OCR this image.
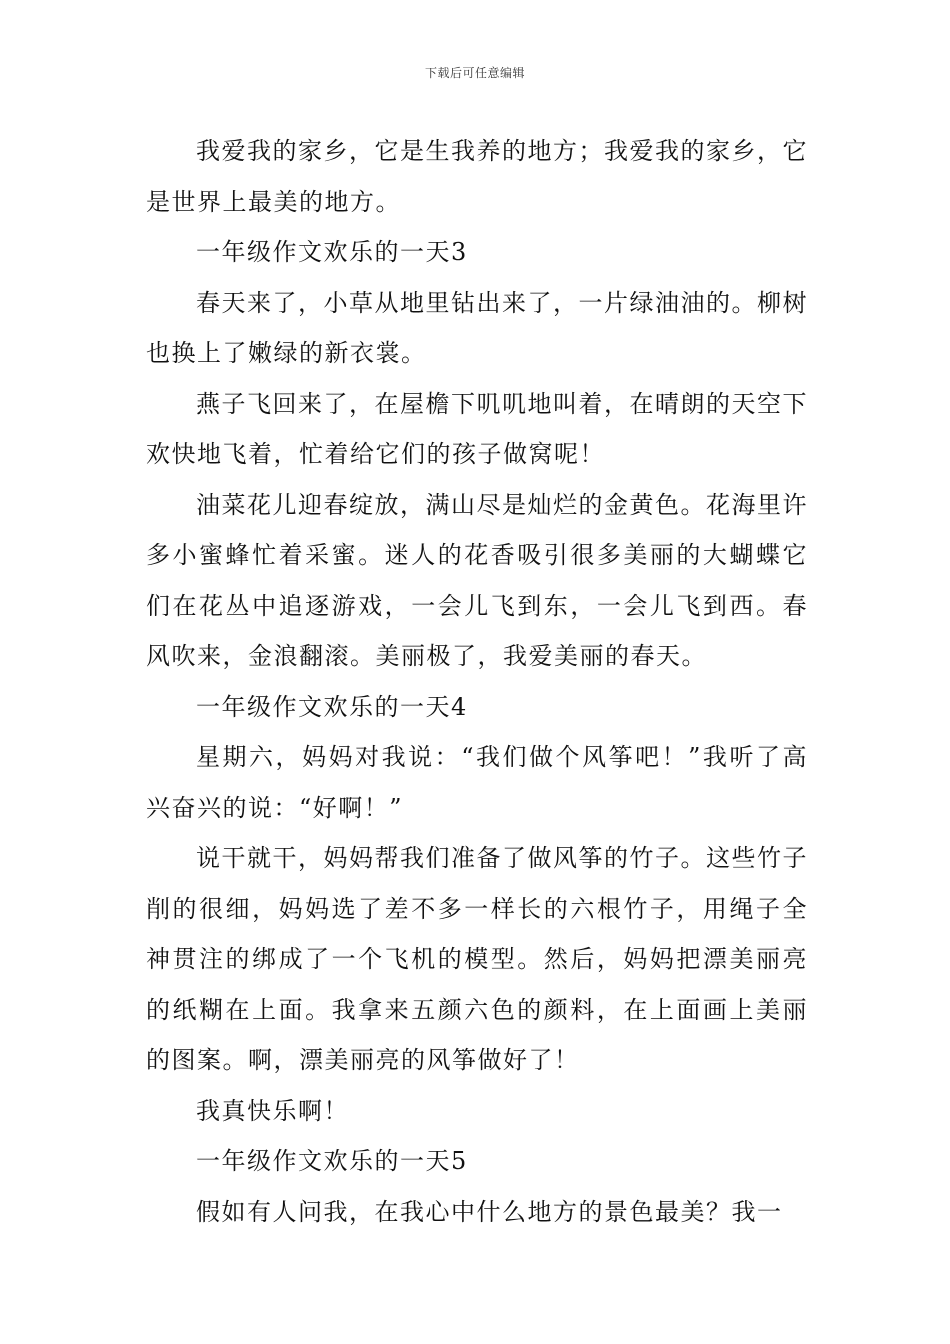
下载后可任意编辑

我爱我的家乡，它是生我养的地方；我爱我的家乡，它是世界上最美的地方。

一年级作文欢乐的一天3

春天来了，小草从地里钻出来了，一片绿油油的。柳树也换上了嫩绿的新衣裳。

燕子飞回来了，在屋檐下叽叽地叫着，在晴朗的天空下欢快地飞着，忙着给它们的孩子做窝呢！

油菜花儿迎春绽放，满山尽是灿烂的金黄色。花海里许多小蜜蜂忙着采蜜。迷人的花香吸引很多美丽的大蝴蝶它们在花丛中追逐游戏，一会儿飞到东，一会儿飞到西。春风吹来，金浪翻滚。美丽极了，我爱美丽的春天。

一年级作文欢乐的一天4

星期六，妈妈对我说：“我们做个风筝吧！”我听了高兴奋兴的说：“好啊！”

说干就干，妈妈帮我们准备了做风筝的竹子。这些竹子削的很细，妈妈选了差不多一样长的六根竹子，用绳子全神贯注的绑成了一个飞机的模型。然后，妈妈把漂美丽亮的纸糊在上面。我拿来五颜六色的颜料，在上面画上美丽的图案。啊，漂美丽亮的风筝做好了！

我真快乐啊！

一年级作文欢乐的一天5

假如有人问我，在我心中什么地方的景色最美？我一
